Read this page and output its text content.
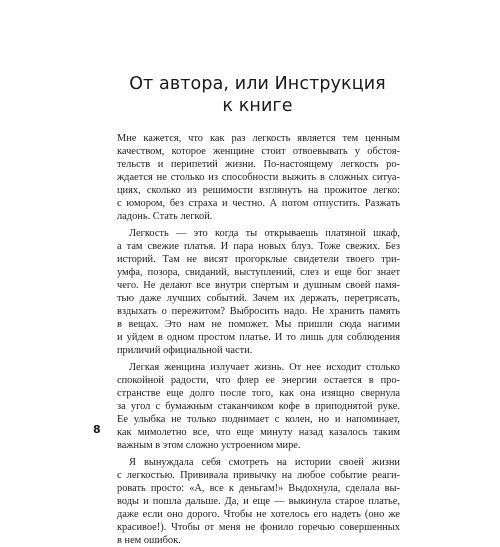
От автора, или Инструкция
к книге
Мне кажется, что как раз легкость является тем ценным
качеством, которое женщине стоит отвоевывать у обстоя-
тельств и перипетий жизни. По-настоящему легкость ро-
ждается не столько из способности выжить в сложных ситуа-
циях, сколько из решимости взглянуть на прожитое легко:
с юмором, без страха и честно. А потом отпустить. Разжать
ладонь. Стать легкой.
Легкость — это когда ты открываешь платяной шкаф,
а там свежие платья. И пара новых блуз. Тоже свежих. Без
историй. Там не висят прогорклые свидетели твоего три-
умфа, позора, свиданий, выступлений, слез и еще бог знает
чего. Не делают все внутри спертым и душным своей памя-
тью даже лучших событий. Зачем их держать, перетрясать,
вздыхать о пережитом? Выбросить надо. Не хранить память
в вещах. Это нам не поможет. Мы пришли сюда нагими
и уйдем в одном простом платье. И то лишь для соблюдения
приличий официальной части.
Легкая женщина излучает жизнь. От нее исходит столько
спокойной радости, что флер ее энергии остается в про-
странстве еще долго после того, как она изящно свернула
за угол с бумажным стаканчиком кофе в приподнятой руке.
Ее улыбка не только поднимает с колен, но и напоминает,
как мимолетно все, что еще минуту назад казалось таким
важным в этом сложно устроенном мире.
Я вынуждала себя смотреть на истории своей жизни
с легкостью. Прививала привычку на любое событие реаги-
ровать просто: «А, все к деньгам!» Выдохнула, сделала вы-
воды и пошла дальше. Да, и еще — выкинула старое платье,
даже если оно дорого. Чтобы не хотелось его надеть (оно же
красивое!). Чтобы от меня не фонило горечью совершенных
в нем ошибок.
8
